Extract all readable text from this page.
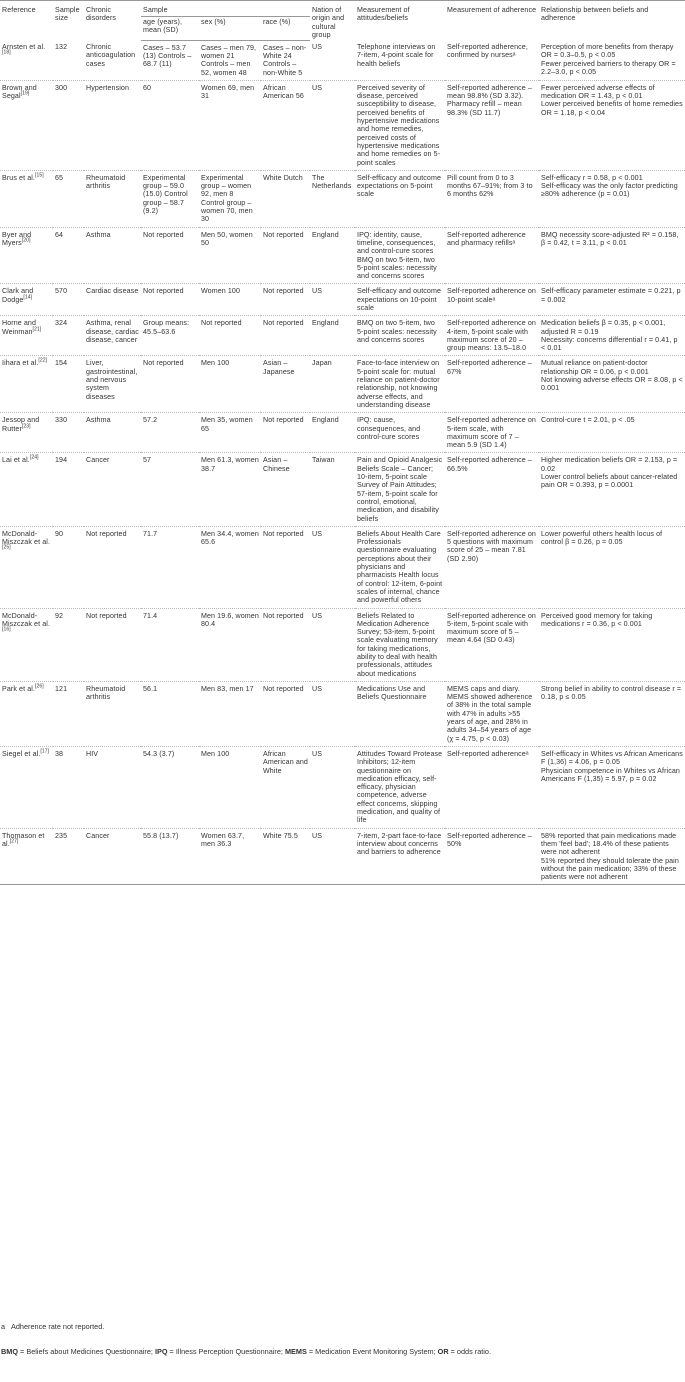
Reference	Sample size	Chronic disorders	Sample			Nation of origin and cultural group	Measurement of attitudes/beliefs	Measurement of adherence	Relationship between beliefs and adherence
			age (years), mean (SD)	sex (%)	race (%)				
Arnsten et al.[18]	132	Chronic anticoagulation cases	Cases – 53.7 (13) Controls – 68.7 (11)	Cases – men 79, women 21 Controls – men 52, women 48	Cases – non-White 24 Controls – non-White 5	US	Telephone interviews on 7-item, 4-point scale for health beliefs	Self-reported adherence, confirmed by nursesᵃ	Perception of more benefits from therapy OR = 0.3–0.5, p < 0.05
Fewer perceived barriers to therapy OR = 2.2–3.0, p < 0.05
Brown and Segal[19]	300	Hypertension	60	Women 69, men 31	African American 56	US	Perceived severity of disease, perceived susceptibility to disease, perceived benefits of hypertensive medications and home remedies, perceived costs of hypertensive medications and home remedies on 5-point scales	Self-reported adherence – mean 98.8% (SD 3.32). Pharmacy refill – mean 98.3% (SD 11.7)	Fewer perceived adverse effects of medication OR = 1.43, p < 0.01
Lower perceived benefits of home remedies OR = 1.18, p < 0.04
Brus et al.[15]	65	Rheumatoid arthritis	Experimental group – 59.0 (15.0) Control group – 58.7 (9.2)	Experimental group – women 92, men 8 Control group – women 70, men 30	White Dutch	The Netherlands	Self-efficacy and outcome expectations on 5-point scale	Pill count from 0 to 3 months 67–91%; from 3 to 6 months 62%	Self-efficacy r = 0.58, p < 0.001
Self-efficacy was the only factor predicting ≥80% adherence (p = 0.01)
Byer and Myers[20]	64	Asthma	Not reported	Men 50, women 50	Not reported	England	IPQ: identity, cause, timeline, consequences, and control-cure scores BMQ on two 5-item, two 5-point scales: necessity and concerns scores	Self-reported adherence and pharmacy refillsᵃ	BMQ necessity score-adjusted R² = 0.158, β = 0.42, t = 3.11, p < 0.01
Clark and Dodge[14]	570	Cardiac disease	Not reported	Women 100	Not reported	US	Self-efficacy and outcome expectations on 10-point scale	Self-reported adherence on 10-point scaleᵃ	Self-efficacy parameter estimate = 0.221, p = 0.002
Horne and Weinman[21]	324	Asthma, renal disease, cardiac disease, cancer	Group means: 45.5–63.6	Not reported	Not reported	England	BMQ on two 5-item, two 5-point scales: necessity and concerns scores	Self-reported adherence on 4-item, 5-point scale with maximum score of 20 – group means: 13.5–18.0	Medication beliefs β = 0.35, p < 0.001, adjusted R = 0.19
Necessity: concerns differential r = 0.41, p < 0.01
Iihara et al.[22]	154	Liver, gastrointestinal, and nervous system diseases	Not reported	Men 100	Asian – Japanese	Japan	Face-to-face interview on 5-point scale for: mutual reliance on patient-doctor relationship, not knowing adverse effects, and understanding disease	Self-reported adherence – 67%	Mutual reliance on patient-doctor relationship OR = 0.06, p < 0.001
Not knowing adverse effects OR = 8.08, p < 0.001
Jessop and Rutter[23]	330	Asthma	57.2	Men 35, women 65	Not reported	England	IPQ: cause, consequences, and control-cure scores	Self-reported adherence on 5-item scale, with maximum score of 7 – mean 5.9 (SD 1.4)	Control-cure t = 2.01, p < .05
Lai et al.[24]	194	Cancer	57	Men 61.3, women 38.7	Asian – Chinese	Taiwan	Pain and Opioid Analgesic Beliefs Scale – Cancer; 10-item, 5-point scale Survey of Pain Attitudes; 57-item, 5-point scale for control, emotional, medication, and disability beliefs	Self-reported adherence – 66.5%	Higher medication beliefs OR = 2.153, p = 0.02
Lower control beliefs about cancer-related pain OR = 0.393, p = 0.0001
McDonald-Miszczak et al.[25]	90	Not reported	71.7	Men 34.4, women 65.6	Not reported	US	Beliefs About Health Care Professionals questionnaire evaluating perceptions about their physicians and pharmacists Health locus of control: 12-item, 6-point scales of internal, chance and powerful others	Self-reported adherence on 5 questions with maximum score of 25 – mean 7.81 (SD 2.90)	Lower powerful others health locus of control β = 0.26, p = 0.05
McDonald-Miszczak et al.[16]	92	Not reported	71.4	Men 19.6, women 80.4	Not reported	US	Beliefs Related to Medication Adherence Survey; 53-item, 5-point scale evaluating memory for taking medications, ability to deal with health professionals, attitudes about medications	Self-reported adherence on 5-item, 5-point scale with maximum score of 5 – mean 4.64 (SD 0.43)	Perceived good memory for taking medications r = 0.36, p < 0.001
Park et al.[26]	121	Rheumatoid arthritis	56.1	Men 83, men 17	Not reported	US	Medications Use and Beliefs Questionnaire	MEMS caps and diary. MEMS showed adherence of 38% in the total sample with 47% in adults >55 years of age, and 28% in adults 34–54 years of age (χ = 4.75, p < 0.03)	Strong belief in ability to control disease r = 0.18, p ≤ 0.05
Siegel et al.[17]	38	HIV	54.3 (3.7)	Men 100	African American and White	US	Attitudes Toward Protease Inhibitors; 12-item questionnaire on medication efficacy, self-efficacy, physician competence, adverse effect concerns, skipping medication, and quality of life	Self-reported adherenceᵃ	Self-efficacy in Whites vs African Americans F (1,36) = 4.06, p = 0.05
Physician competence in Whites vs African Americans F (1,35) = 5.97, p = 0.02
Thomason et al.[27]	235	Cancer	55.8 (13.7)	Women 63.7, men 36.3	White 75.5	US	7-item, 2-part face-to-face interview about concerns and barriers to adherence	Self-reported adherence – 50%	58% reported that pain medications made them 'feel bad'; 18.4% of these patients were not adherent
51% reported they should tolerate the pain without the pain medication; 33% of these patients were not adherent
a Adherence rate not reported.
BMQ = Beliefs about Medicines Questionnaire; IPQ = Illness Perception Questionnaire; MEMS = Medication Event Monitoring System; OR = odds ratio.
